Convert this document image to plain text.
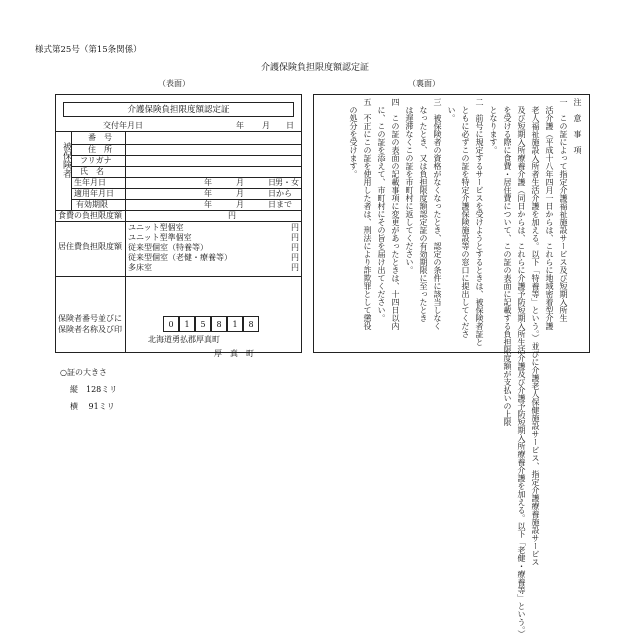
様式第25号（第15条関係）
介護保険負担限度額認定証
（表面）	（裏面）
介護保険負担限度額認定証
交付年月日	年 月 日
被保険者
番　号
住　所
フリガナ
氏　名
生年月日	年　　　月　　　日 男・女
適用年月日	年　　　月　　　日から
有効期限	年　　　月　　　日まで
食費の負担限度額	円
居住費負担限度額
ユニット型個室	円
ユニット型準個室	円
従来型個室（特養等）	円
従来型個室（老健・療養等）	円
多床室	円
保険者番号並びに
保険者名称及び印
0	1	5	8	1	8
北海道勇払郡厚真町
厚　真　町
注　意　事　項
一　この証によって指定介護福祉施設サービス及び短期入所生
　活介護（平成十八年四月一日からは、これらに地域密着型介護
　老人福祉施設入所者生活介護を加える。以下「特養等」という。）並びに介護老人保健施設サービス、指定介護療養施設サービス
　及び短期入所療養介護（同日からは、これらに介護予防短期入所生活介護及び介護予防短期入所療養介護を加える。以下「老健・療養等」という。）
　を受ける際に食費・居住費について、この証の表面に記載する負担限度額が支払いの上限
　となります。
二　前号に規定するサービスを受けようとするときは、被保険者証と
　ともに必ずこの証を特定介護保険施設等の窓口に提出してくださ
　い。
三　被保険者の資格がなくなったとき、認定の条件に該当しなく
　なったとき、又は負担限度額認定証の有効期限に至ったとき
　は遅滞なくこの証を市町村に返してください。
四　この証の表面の記載事項に変更があったときは、十四日以内
　に、この証を添えて、市町村にその旨を届け出てください。
五　不正にこの証を使用した者は、刑法により詐欺罪として懲役
　の処分を受けます。
○証の大きさ
縦　128ミリ
横　 91ミリ
